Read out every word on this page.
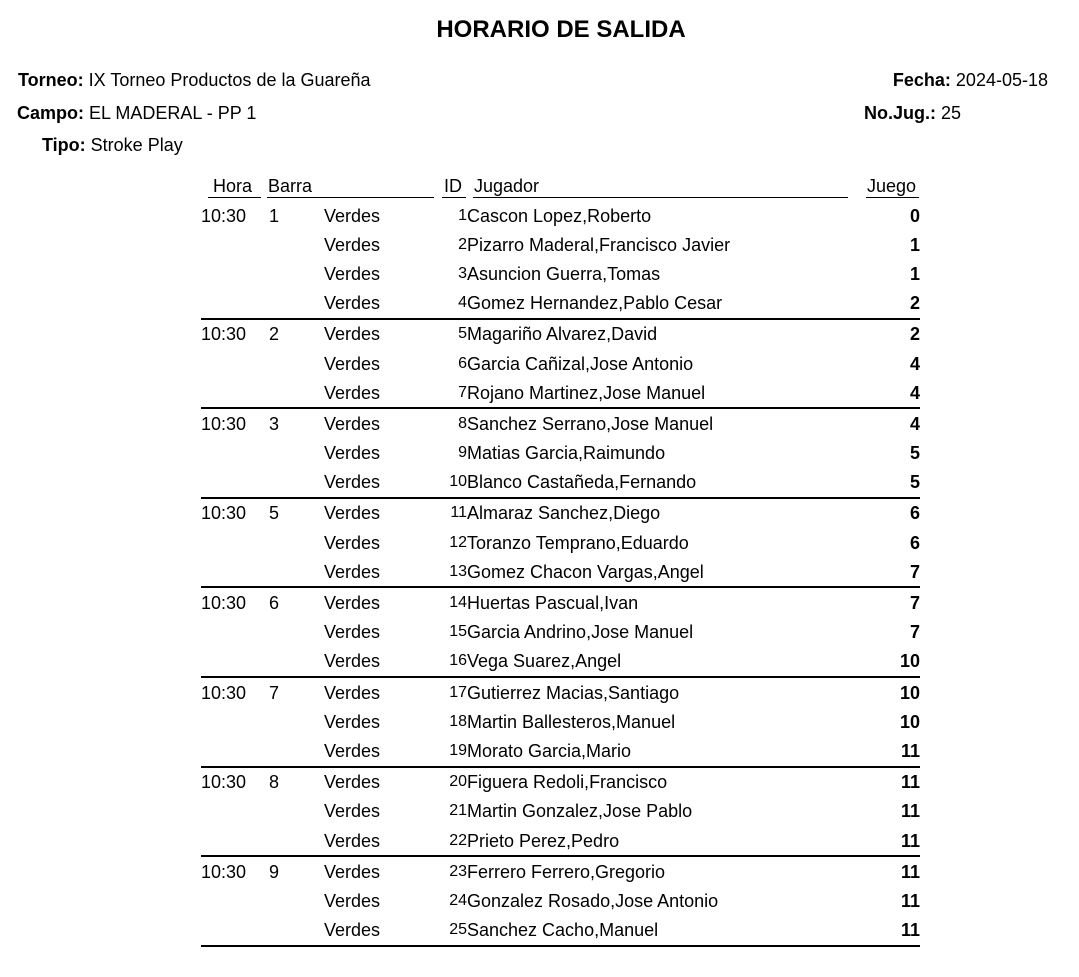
HORARIO DE SALIDA
Torneo: IX Torneo Productos de la Guareña
Campo: EL MADERAL - PP 1
Tipo: Stroke Play
Fecha: 2024-05-18
No.Jug.: 25
Hora Barra	ID Jugador	Juego
10:30	1	Verdes	1	Cascon Lopez,Roberto	0
		Verdes	2	Pizarro Maderal,Francisco Javier	1
		Verdes	3	Asuncion Guerra,Tomas	1
		Verdes	4	Gomez Hernandez,Pablo Cesar	2
10:30	2	Verdes	5	Magariño Alvarez,David	2
		Verdes	6	Garcia Cañizal,Jose Antonio	4
		Verdes	7	Rojano Martinez,Jose Manuel	4
10:30	3	Verdes	8	Sanchez Serrano,Jose Manuel	4
		Verdes	9	Matias Garcia,Raimundo	5
		Verdes	10	Blanco Castañeda,Fernando	5
10:30	5	Verdes	11	Almaraz Sanchez,Diego	6
		Verdes	12	Toranzo Temprano,Eduardo	6
		Verdes	13	Gomez Chacon Vargas,Angel	7
10:30	6	Verdes	14	Huertas Pascual,Ivan	7
		Verdes	15	Garcia Andrino,Jose Manuel	7
		Verdes	16	Vega Suarez,Angel	10
10:30	7	Verdes	17	Gutierrez Macias,Santiago	10
		Verdes	18	Martin Ballesteros,Manuel	10
		Verdes	19	Morato Garcia,Mario	11
10:30	8	Verdes	20	Figuera Redoli,Francisco	11
		Verdes	21	Martin Gonzalez,Jose Pablo	11
		Verdes	22	Prieto Perez,Pedro	11
10:30	9	Verdes	23	Ferrero Ferrero,Gregorio	11
		Verdes	24	Gonzalez Rosado,Jose Antonio	11
		Verdes	25	Sanchez Cacho,Manuel	11
